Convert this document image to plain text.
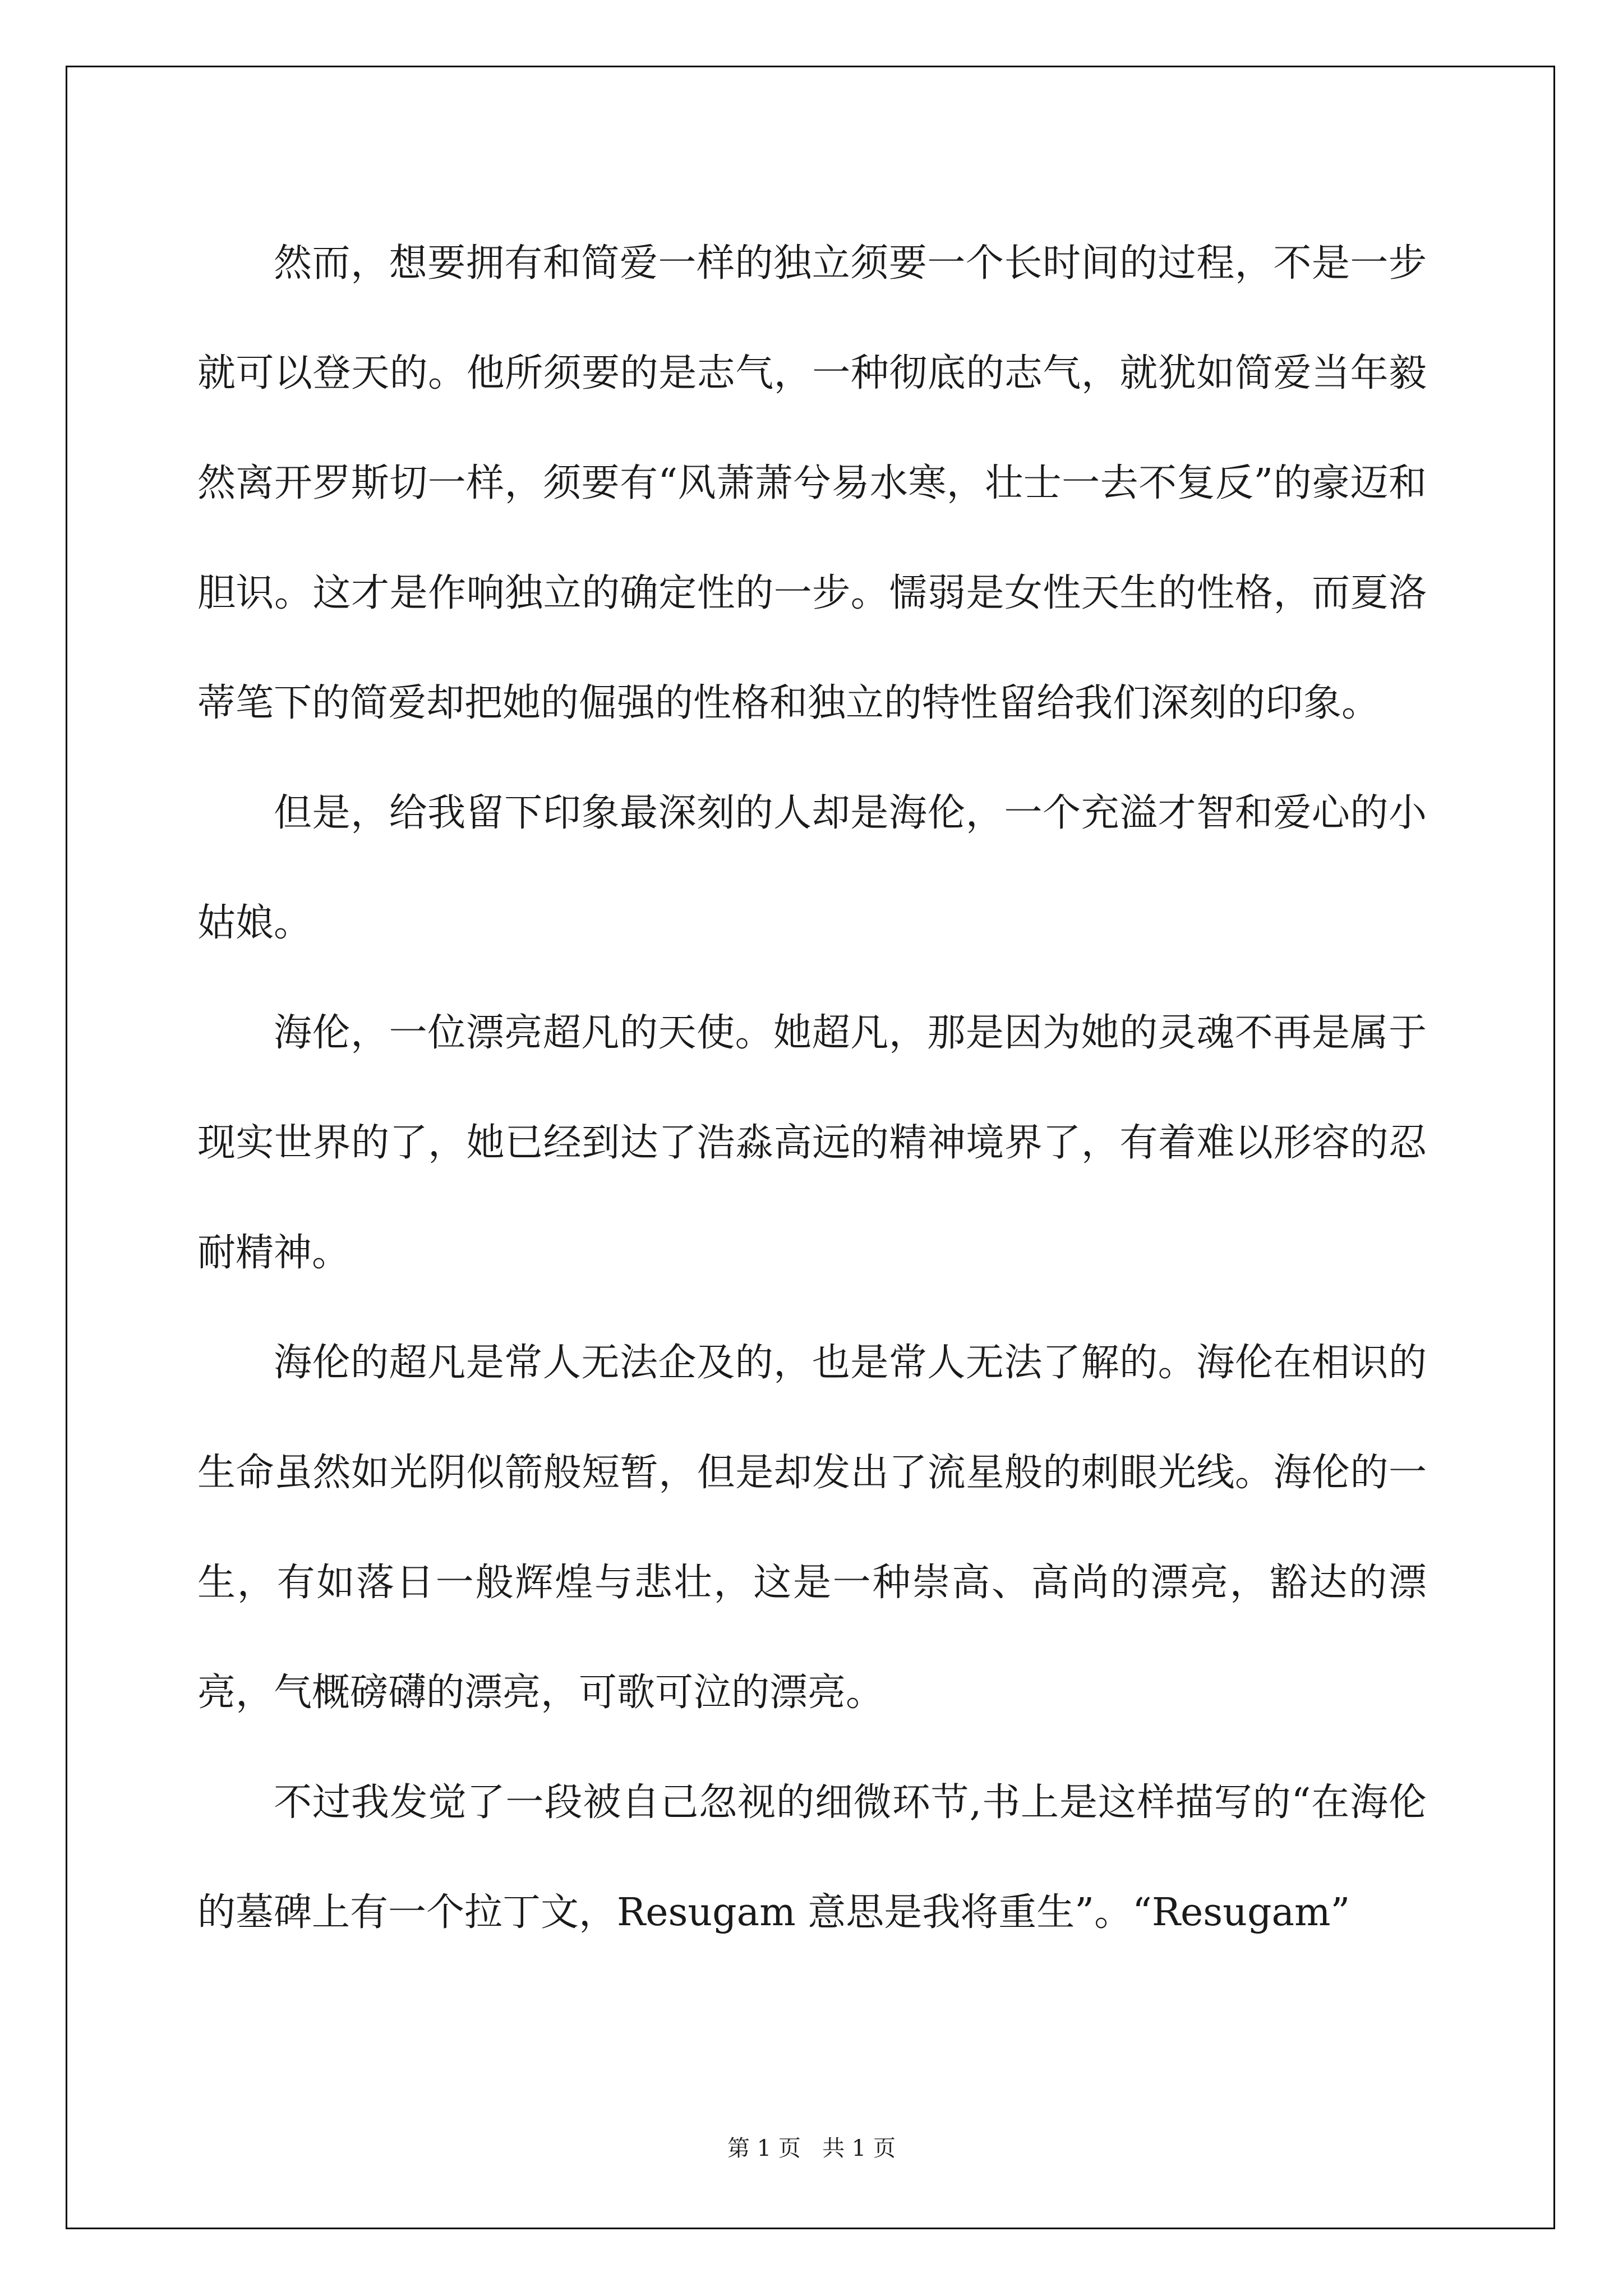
然而，想要拥有和简爱一样的独立须要一个长时间的过程，不是一步就可以登天的。他所须要的是志气，一种彻底的志气，就犹如简爱当年毅然离开罗斯切一样，须要有“风萧萧兮易水寒，壮士一去不复反”的豪迈和胆识。这才是作响独立的确定性的一步。懦弱是女性天生的性格，而夏洛蒂笔下的简爱却把她的倔强的性格和独立的特性留给我们深刻的印象。

但是，给我留下印象最深刻的人却是海伦，一个充溢才智和爱心的小姑娘。

海伦，一位漂亮超凡的天使。她超凡，那是因为她的灵魂不再是属于现实世界的了，她已经到达了浩淼高远的精神境界了，有着难以形容的忍耐精神。

海伦的超凡是常人无法企及的，也是常人无法了解的。海伦在相识的生命虽然如光阴似箭般短暂，但是却发出了流星般的刺眼光线。海伦的一生，有如落日一般辉煌与悲壮，这是一种崇高、高尚的漂亮，豁达的漂亮，气概磅礴的漂亮，可歌可泣的漂亮。

不过我发觉了一段被自己忽视的细微环节,书上是这样描写的“在海伦的墓碑上有一个拉丁文，Resugam 意思是我将重生”。“Resugam”

第 1 页   共 1 页
